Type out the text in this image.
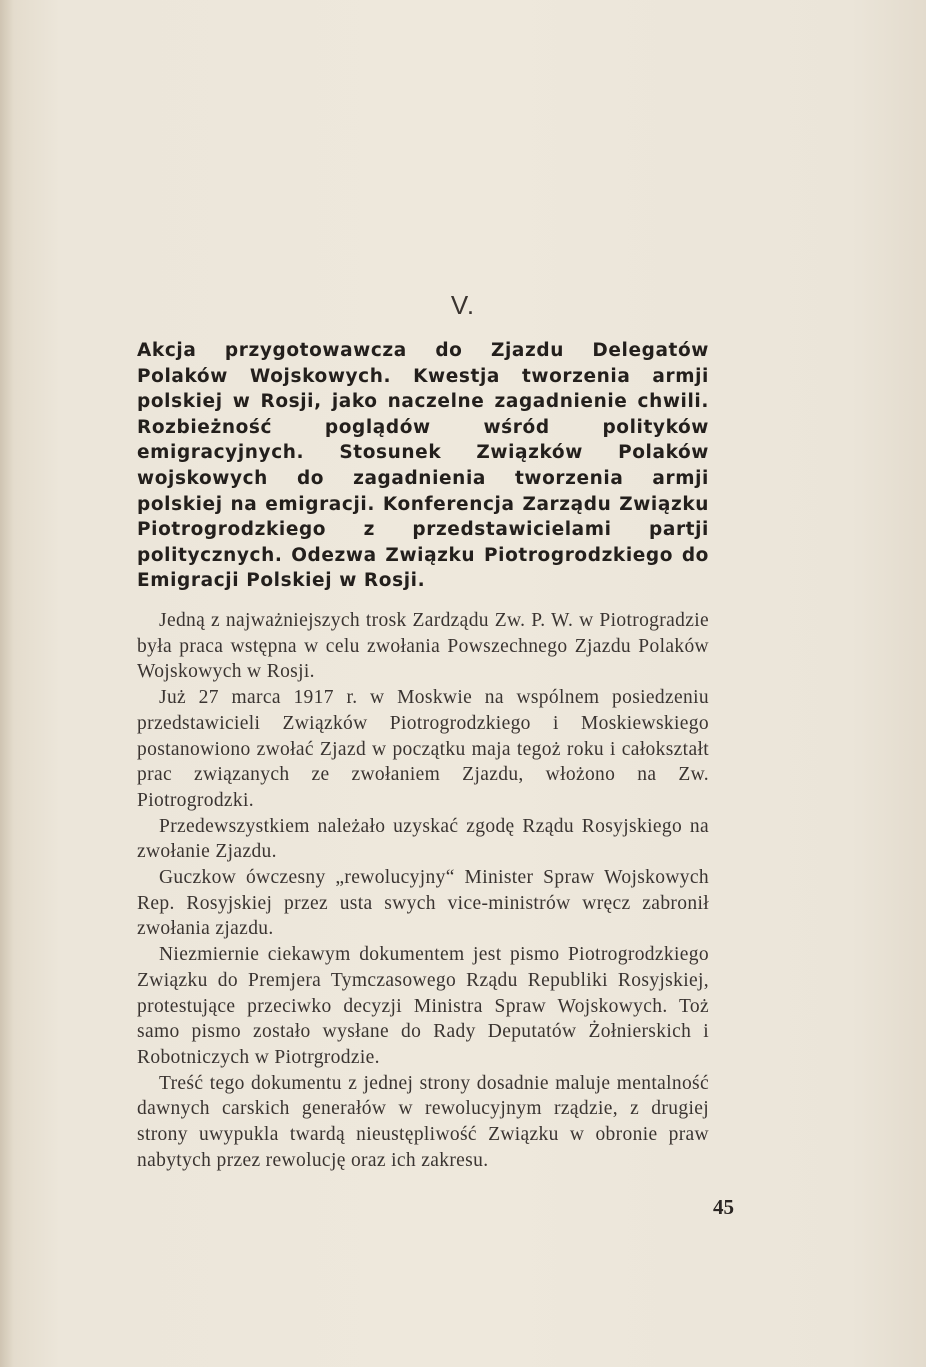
V.
Akcja przygotowawcza do Zjazdu Delegatów Polaków Wojskowych. Kwestja tworzenia armji polskiej w Rosji, jako naczelne zagadnienie chwili. Rozbieżność poglądów wśród polityków emigracyjnych. Stosunek Związków Polaków wojskowych do zagadnienia tworzenia armji polskiej na emigracji. Konferencja Zarządu Związku Piotrogrodzkiego z przedstawicielami partji politycznych. Odezwa Związku Piotrogrodzkiego do Emigracji Polskiej w Rosji.

Jedną z najważniejszych trosk Zardządu Zw. P. W. w Piotrogradzie była praca wstępna w celu zwołania Powszechnego Zjazdu Polaków Wojskowych w Rosji.

Już 27 marca 1917 r. w Moskwie na wspólnem posiedzeniu przedstawicieli Związków Piotrogrodzkiego i Moskiewskiego postanowiono zwołać Zjazd w początku maja tegoż roku i całokształt prac związanych ze zwołaniem Zjazdu, włożono na Zw. Piotrogrodzki.

Przedewszystkiem należało uzyskać zgodę Rządu Rosyjskiego na zwołanie Zjazdu.

Guczkow ówczesny „rewolucyjny“ Minister Spraw Wojskowych Rep. Rosyjskiej przez usta swych vice-ministrów wręcz zabronił zwołania zjazdu.

Niezmiernie ciekawym dokumentem jest pismo Piotrogrodzkiego Związku do Premjera Tymczasowego Rządu Republiki Rosyjskiej, protestujące przeciwko decyzji Ministra Spraw Wojskowych. Toż samo pismo zostało wysłane do Rady Deputatów Żołnierskich i Robotniczych w Piotrgrodzie.

Treść tego dokumentu z jednej strony dosadnie maluje mentalność dawnych carskich generałów w rewolucyjnym rządzie, z drugiej strony uwypukla twardą nieustępliwość Związku w obronie praw nabytych przez rewolucję oraz ich zakresu.

45
